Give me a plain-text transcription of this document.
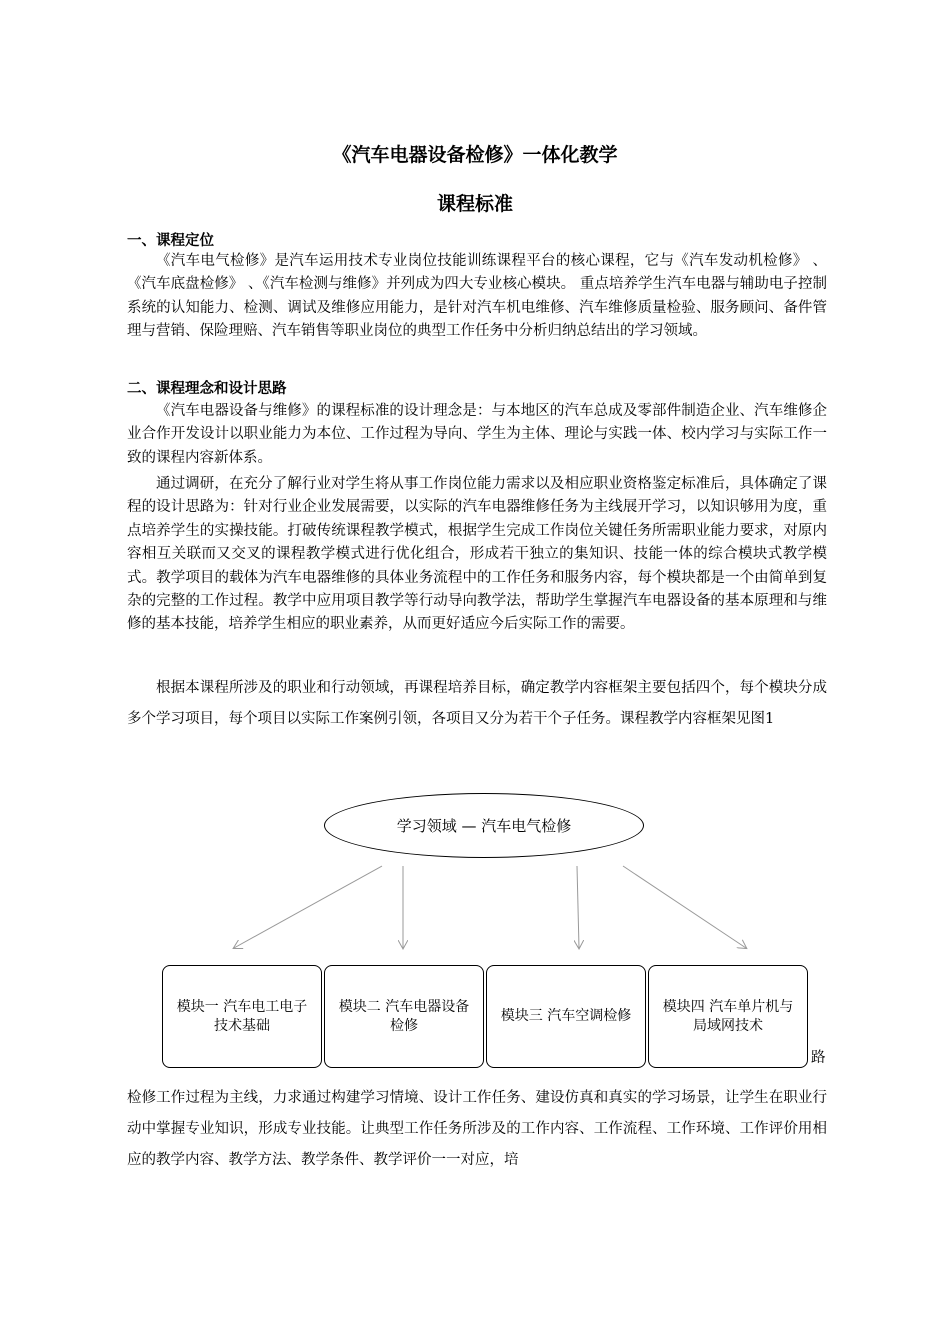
《汽车电器设备检修》一体化教学
课程标准
一、课程定位

《汽车电气检修》是汽车运用技术专业岗位技能训练课程平台的核心课程，它与《汽车发动机检修》 、《汽车底盘检修》 、《汽车检测与维修》并列成为四大专业核心模块。 重点培养学生汽车电器与辅助电子控制系统的认知能力、检测、调试及维修应用能力，是针对汽车机电维修、汽车维修质量检验、服务顾问、备件管理与营销、保险理赔、汽车销售等职业岗位的典型工作任务中分析归纳总结出的学习领域。

二、课程理念和设计思路

《汽车电器设备与维修》的课程标准的设计理念是：与本地区的汽车总成及零部件制造企业、汽车维修企业合作开发设计以职业能力为本位、工作过程为导向、学生为主体、理论与实践一体、校内学习与实际工作一致的课程内容新体系。

通过调研，在充分了解行业对学生将从事工作岗位能力需求以及相应职业资格鉴定标准后，具体确定了课程的设计思路为：针对行业企业发展需要，以实际的汽车电器维修任务为主线展开学习，以知识够用为度，重点培养学生的实操技能。打破传统课程教学模式，根据学生完成工作岗位关键任务所需职业能力要求，对原内容相互关联而又交叉的课程教学模式进行优化组合，形成若干独立的集知识、技能一体的综合模块式教学模式。教学项目的载体为汽车电器维修的具体业务流程中的工作任务和服务内容，每个模块都是一个由简单到复杂的完整的工作过程。教学中应用项目教学等行动导向教学法，帮助学生掌握汽车电器设备的基本原理和与维修的基本技能，培养学生相应的职业素养，从而更好适应今后实际工作的需要。

根据本课程所涉及的职业和行动领域，再课程培养目标，确定教学内容框架主要包括四个，每个模块分成多个学习项目，每个项目以实际工作案例引领，各项目又分为若干个子任务。课程教学内容框架见图1

学习领域 — 汽车电气检修
模块一 汽车电工电子技术基础
模块二 汽车电器设备检修
模块三 汽车空调检修
模块四 汽车单片机与局域网技术
路

检修工作过程为主线，力求通过构建学习情境、设计工作任务、建设仿真和真实的学习场景，让学生在职业行动中掌握专业知识，形成专业技能。让典型工作任务所涉及的工作内容、工作流程、工作环境、工作评价用相应的教学内容、教学方法、教学条件、教学评价一一对应，培
